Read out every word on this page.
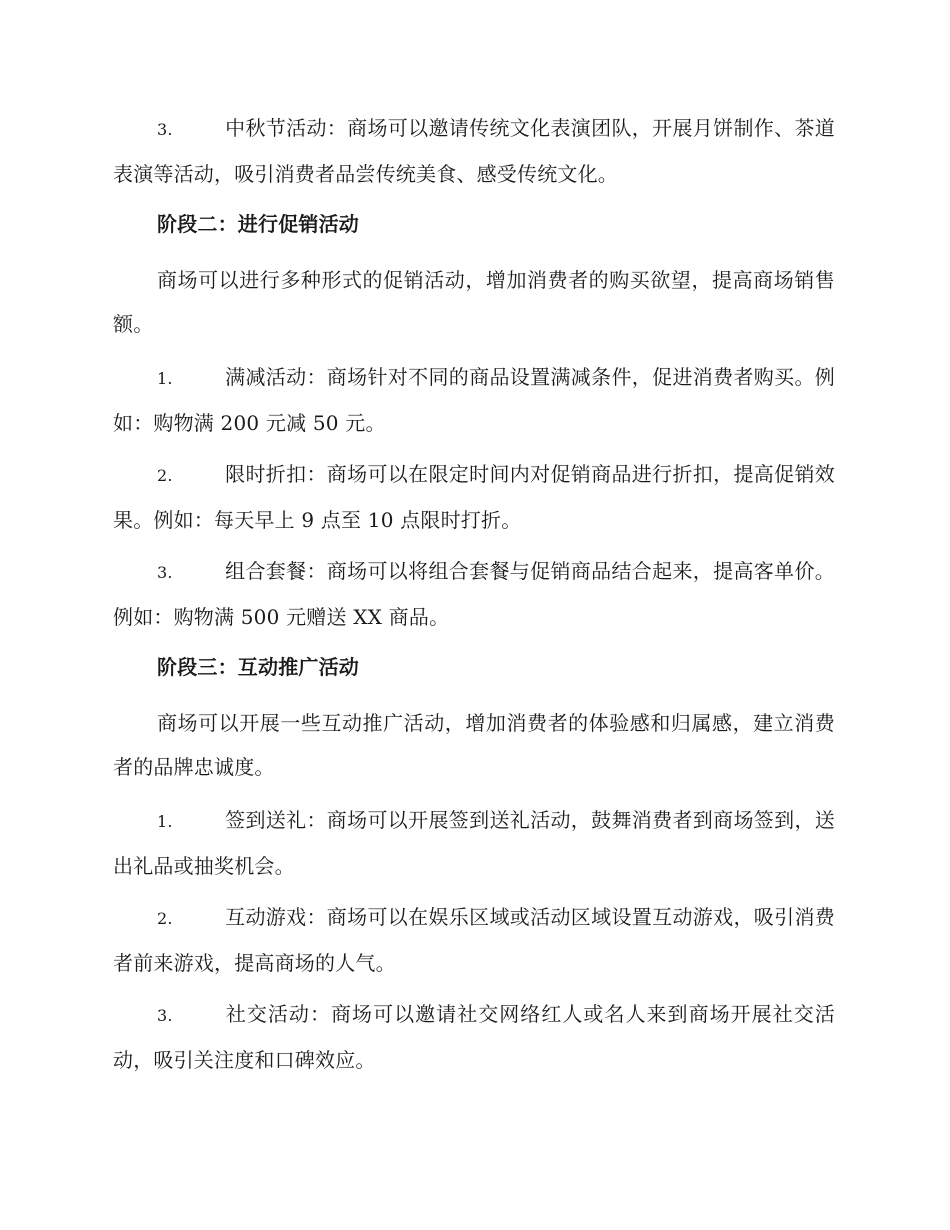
3.	中秋节活动：商场可以邀请传统文化表演团队，开展月饼制作、茶道表演等活动，吸引消费者品尝传统美食、感受传统文化。
阶段二：进行促销活动
商场可以进行多种形式的促销活动，增加消费者的购买欲望，提高商场销售额。
1.	满减活动：商场针对不同的商品设置满减条件，促进消费者购买。例如：购物满 200 元减 50 元。
2.	限时折扣：商场可以在限定时间内对促销商品进行折扣，提高促销效果。例如：每天早上 9 点至 10 点限时打折。
3.	组合套餐：商场可以将组合套餐与促销商品结合起来，提高客单价。例如：购物满 500 元赠送 XX 商品。
阶段三：互动推广活动
商场可以开展一些互动推广活动，增加消费者的体验感和归属感，建立消费者的品牌忠诚度。
1.	签到送礼：商场可以开展签到送礼活动，鼓舞消费者到商场签到，送出礼品或抽奖机会。
2.	互动游戏：商场可以在娱乐区域或活动区域设置互动游戏，吸引消费者前来游戏，提高商场的人气。
3.	社交活动：商场可以邀请社交网络红人或名人来到商场开展社交活动，吸引关注度和口碑效应。
